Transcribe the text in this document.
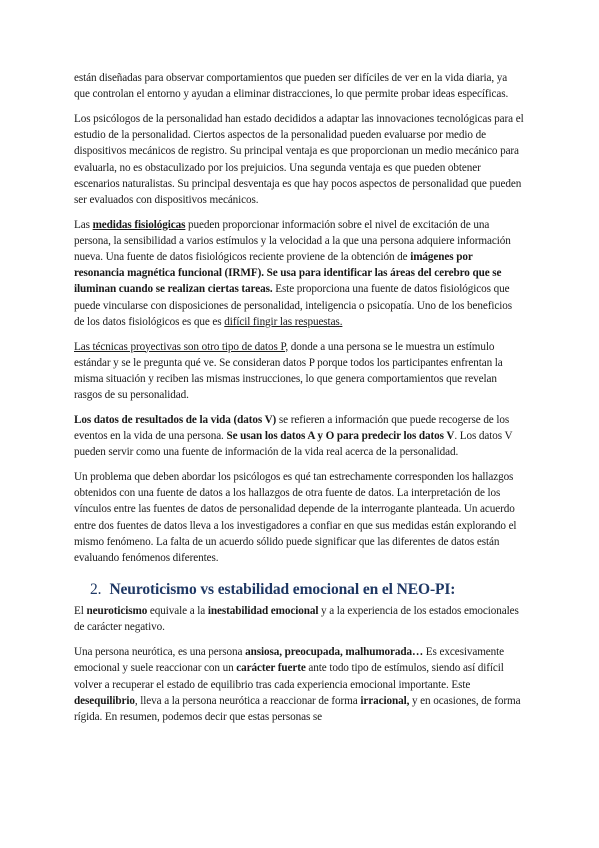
están diseñadas para observar comportamientos que pueden ser difíciles de ver en la vida diaria, ya que controlan el entorno y ayudan a eliminar distracciones, lo que permite probar ideas específicas.

Los psicólogos de la personalidad han estado decididos a adaptar las innovaciones tecnológicas para el estudio de la personalidad. Ciertos aspectos de la personalidad pueden evaluarse por medio de dispositivos mecánicos de registro. Su principal ventaja es que proporcionan un medio mecánico para evaluarla, no es obstaculizado por los prejuicios. Una segunda ventaja es que pueden obtener escenarios naturalistas. Su principal desventaja es que hay pocos aspectos de personalidad que pueden ser evaluados con dispositivos mecánicos.

Las medidas fisiológicas pueden proporcionar información sobre el nivel de excitación de una persona, la sensibilidad a varios estímulos y la velocidad a la que una persona adquiere información nueva. Una fuente de datos fisiológicos reciente proviene de la obtención de imágenes por resonancia magnética funcional (IRMF). Se usa para identificar las áreas del cerebro que se iluminan cuando se realizan ciertas tareas. Este proporciona una fuente de datos fisiológicos que puede vincularse con disposiciones de personalidad, inteligencia o psicopatía. Uno de los beneficios de los datos fisiológicos es que es difícil fingir las respuestas.

Las técnicas proyectivas son otro tipo de datos P, donde a una persona se le muestra un estímulo estándar y se le pregunta qué ve. Se consideran datos P porque todos los participantes enfrentan la misma situación y reciben las mismas instrucciones, lo que genera comportamientos que revelan rasgos de su personalidad.

Los datos de resultados de la vida (datos V) se refieren a información que puede recogerse de los eventos en la vida de una persona. Se usan los datos A y O para predecir los datos V. Los datos V pueden servir como una fuente de información de la vida real acerca de la personalidad.

Un problema que deben abordar los psicólogos es qué tan estrechamente corresponden los hallazgos obtenidos con una fuente de datos a los hallazgos de otra fuente de datos. La interpretación de los vínculos entre las fuentes de datos de personalidad depende de la interrogante planteada. Un acuerdo entre dos fuentes de datos lleva a los investigadores a confiar en que sus medidas están explorando el mismo fenómeno. La falta de un acuerdo sólido puede significar que las diferentes de datos están evaluando fenómenos diferentes.

2. Neuroticismo vs estabilidad emocional en el NEO-PI:

El neuroticismo equivale a la inestabilidad emocional y a la experiencia de los estados emocionales de carácter negativo.

Una persona neurótica, es una persona ansiosa, preocupada, malhumorada… Es excesivamente emocional y suele reaccionar con un carácter fuerte ante todo tipo de estímulos, siendo así difícil volver a recuperar el estado de equilibrio tras cada experiencia emocional importante. Este desequilibrio, lleva a la persona neurótica a reaccionar de forma irracional, y en ocasiones, de forma rígida. En resumen, podemos decir que estas personas se
